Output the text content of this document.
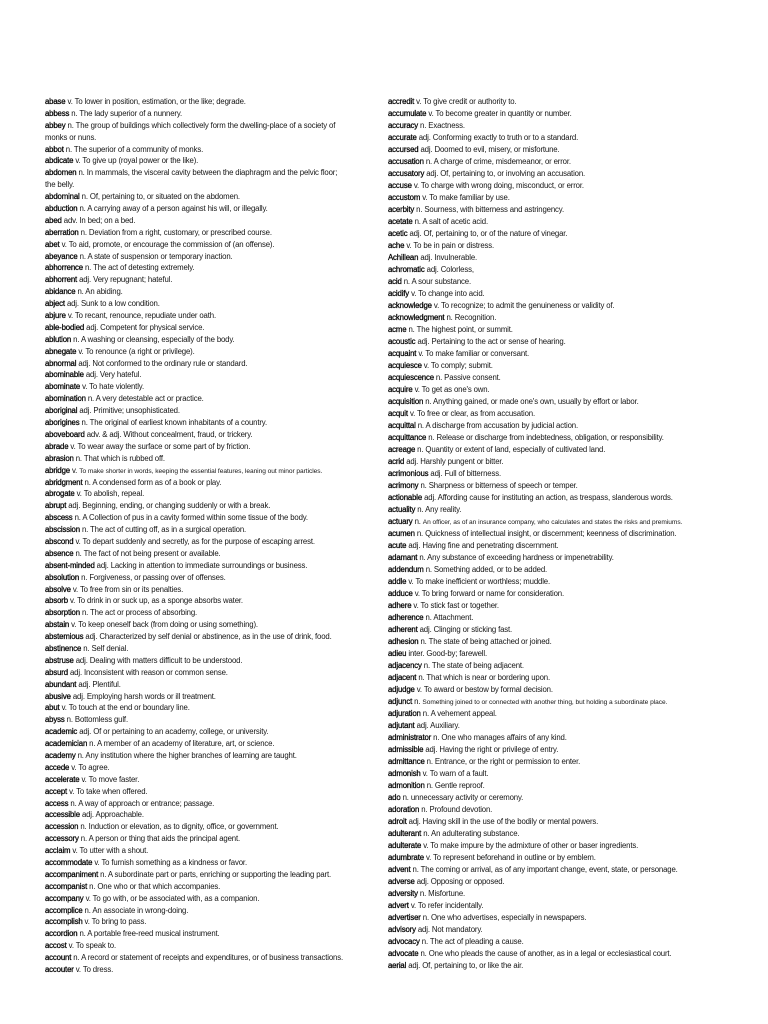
abase v. To lower in position, estimation, or the like; degrade.
abbess n. The lady superior of a nunnery.
abbey n. The group of buildings which collectively form the dwelling-place of a society of
monks or nuns.
abbot n. The superior of a community of monks.
abdicate v. To give up (royal power or the like).
abdomen n. In mammals, the visceral cavity between the diaphragm and the pelvic floor;
the belly.
abdominal n. Of, pertaining to, or situated on the abdomen.
abduction n. A carrying away of a person against his will, or illegally.
abed adv. In bed; on a bed.
aberration n. Deviation from a right, customary, or prescribed course.
abet v. To aid, promote, or encourage the commission of (an offense).
abeyance n. A state of suspension or temporary inaction.
abhorrence n. The act of detesting extremely.
abhorrent adj. Very repugnant; hateful.
abidance n. An abiding.
abject adj. Sunk to a low condition.
abjure v. To recant, renounce, repudiate under oath.
able-bodied adj. Competent for physical service.
ablution n. A washing or cleansing, especially of the body.
abnegate v. To renounce (a right or privilege).
abnormal adj. Not conformed to the ordinary rule or standard.
abominable adj. Very hateful.
abominate v. To hate violently.
abomination n. A very detestable act or practice.
aboriginal adj. Primitive; unsophisticated.
aborigines n. The original of earliest known inhabitants of a country.
aboveboard adv. & adj. Without concealment, fraud, or trickery.
abrade v. To wear away the surface or some part of by friction.
abrasion n. That which is rubbed off.
abridge v. To make shorter in words, keeping the essential features, leaning out minor particles.
abridgment n. A condensed form as of a book or play.
abrogate v. To abolish, repeal.
abrupt adj. Beginning, ending, or changing suddenly or with a break.
abscess n. A Collection of pus in a cavity formed within some tissue of the body.
abscission n. The act of cutting off, as in a surgical operation.
abscond v. To depart suddenly and secretly, as for the purpose of escaping arrest.
absence n. The fact of not being present or available.
absent-minded adj. Lacking in attention to immediate surroundings or business.
absolution n. Forgiveness, or passing over of offenses.
absolve v. To free from sin or its penalties.
absorb v. To drink in or suck up, as a sponge absorbs water.
absorption n. The act or process of absorbing.
abstain v. To keep oneself back (from doing or using something).
abstemious adj. Characterized by self denial or abstinence, as in the use of drink, food.
abstinence n. Self denial.
abstruse adj. Dealing with matters difficult to be understood.
absurd adj. Inconsistent with reason or common sense.
abundant adj. Plentiful.
abusive adj. Employing harsh words or ill treatment.
abut v. To touch at the end or boundary line.
abyss n. Bottomless gulf.
academic adj. Of or pertaining to an academy, college, or university.
academician n. A member of an academy of literature, art, or science.
academy n. Any institution where the higher branches of learning are taught.
accede v. To agree.
accelerate v. To move faster.
accept v. To take when offered.
access n. A way of approach or entrance; passage.
accessible adj. Approachable.
accession n. Induction or elevation, as to dignity, office, or government.
accessory n. A person or thing that aids the principal agent.
acclaim v. To utter with a shout.
accommodate v. To furnish something as a kindness or favor.
accompaniment n. A subordinate part or parts, enriching or supporting the leading part.
accompanist n. One who or that which accompanies.
accompany v. To go with, or be associated with, as a companion.
accomplice n. An associate in wrong-doing.
accomplish v. To bring to pass.
accordion n. A portable free-reed musical instrument.
accost v. To speak to.
account n. A record or statement of receipts and expenditures, or of business transactions.
accouter v. To dress.
accredit v. To give credit or authority to.
accumulate v. To become greater in quantity or number.
accuracy n. Exactness.
accurate adj. Conforming exactly to truth or to a standard.
accursed adj. Doomed to evil, misery, or misfortune.
accusation n. A charge of crime, misdemeanor, or error.
accusatory adj. Of, pertaining to, or involving an accusation.
accuse v. To charge with wrong doing, misconduct, or error.
accustom v. To make familiar by use.
acerbity n. Sourness, with bitterness and astringency.
acetate n. A salt of acetic acid.
acetic adj. Of, pertaining to, or of the nature of vinegar.
ache v. To be in pain or distress.
Achillean adj. Invulnerable.
achromatic adj. Colorless,
acid n. A sour substance.
acidify v. To change into acid.
acknowledge v. To recognize; to admit the genuineness or validity of.
acknowledgment n. Recognition.
acme n. The highest point, or summit.
acoustic adj. Pertaining to the act or sense of hearing.
acquaint v. To make familiar or conversant.
acquiesce v. To comply; submit.
acquiescence n. Passive consent.
acquire v. To get as one's own.
acquisition n. Anything gained, or made one's own, usually by effort or labor.
acquit v. To free or clear, as from accusation.
acquittal n. A discharge from accusation by judicial action.
acquittance n. Release or discharge from indebtedness, obligation, or responsibility.
acreage n. Quantity or extent of land, especially of cultivated land.
acrid adj. Harshly pungent or bitter.
acrimonious adj. Full of bitterness.
acrimony n. Sharpness or bitterness of speech or temper.
actionable adj. Affording cause for instituting an action, as trespass, slanderous words.
actuality n. Any reality.
actuary n. An officer, as of an insurance company, who calculates and states the risks and premiums.
acumen n. Quickness of intellectual insight, or discernment; keenness of discrimination.
acute adj. Having fine and penetrating discernment.
adamant n. Any substance of exceeding hardness or impenetrability.
addendum n. Something added, or to be added.
addle v. To make inefficient or worthless; muddle.
adduce v. To bring forward or name for consideration.
adhere v. To stick fast or together.
adherence n. Attachment.
adherent adj. Clinging or sticking fast.
adhesion n. The state of being attached or joined.
adieu inter. Good-by; farewell.
adjacency n. The state of being adjacent.
adjacent n. That which is near or bordering upon.
adjudge v. To award or bestow by formal decision.
adjunct n. Something joined to or connected with another thing, but holding a subordinate place.
adjuration n. A vehement appeal.
adjutant adj. Auxiliary.
administrator n. One who manages affairs of any kind.
admissible adj. Having the right or privilege of entry.
admittance n. Entrance, or the right or permission to enter.
admonish v. To warn of a fault.
admonition n. Gentle reproof.
ado n. unnecessary activity or ceremony.
adoration n. Profound devotion.
adroit adj. Having skill in the use of the bodily or mental powers.
adulterant n. An adulterating substance.
adulterate v. To make impure by the admixture of other or baser ingredients.
adumbrate v. To represent beforehand in outline or by emblem.
advent n. The coming or arrival, as of any important change, event, state, or personage.
adverse adj. Opposing or opposed.
adversity n. Misfortune.
advert v. To refer incidentally.
advertiser n. One who advertises, especially in newspapers.
advisory adj. Not mandatory.
advocacy n. The act of pleading a cause.
advocate n. One who pleads the cause of another, as in a legal or ecclesiastical court.
aerial adj. Of, pertaining to, or like the air.
